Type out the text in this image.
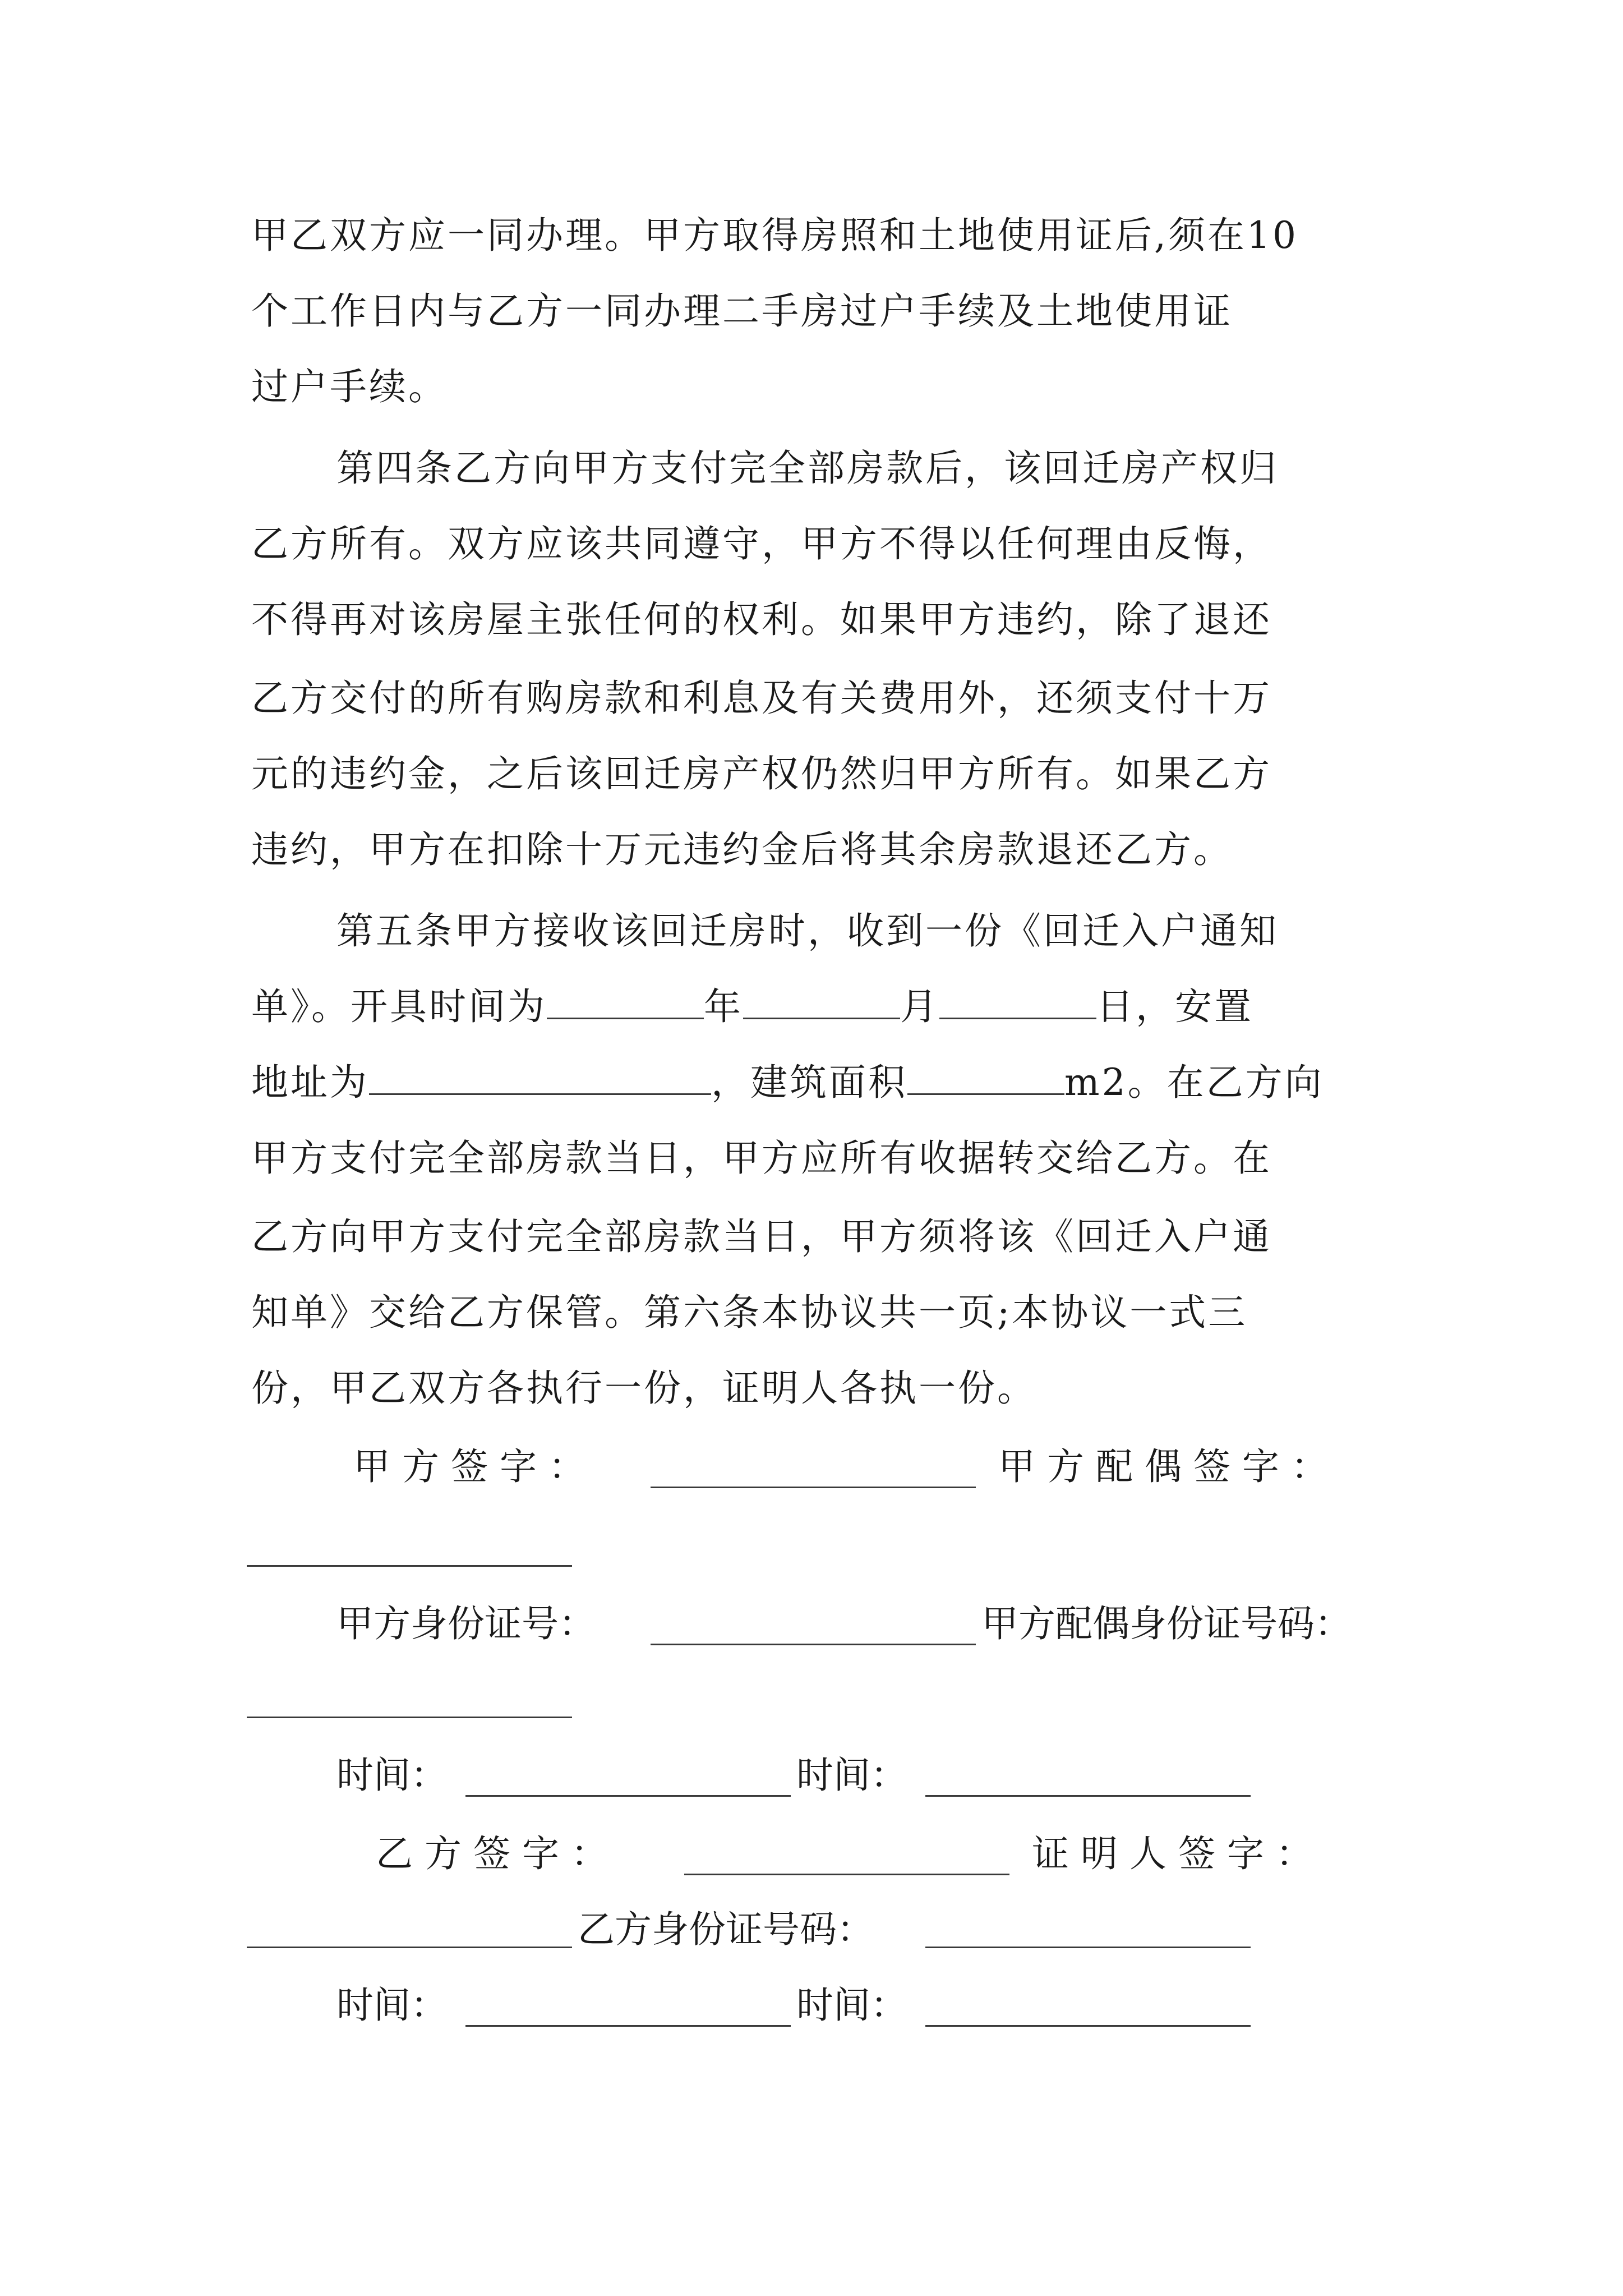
甲乙双方应一同办理。甲方取得房照和土地使用证后,须在10
个工作日内与乙方一同办理二手房过户手续及土地使用证
过户手续。
第四条乙方向甲方支付完全部房款后，该回迁房产权归
乙方所有。双方应该共同遵守，甲方不得以任何理由反悔，
不得再对该房屋主张任何的权利。如果甲方违约，除了退还
乙方交付的所有购房款和利息及有关费用外，还须支付十万
元的违约金，之后该回迁房产权仍然归甲方所有。如果乙方
违约，甲方在扣除十万元违约金后将其余房款退还乙方。
第五条甲方接收该回迁房时，收到一份《回迁入户通知
单》。开具时间为	年	月	日，安置
地址为	，建筑面积	m2。在乙方向
甲方支付完全部房款当日，甲方应所有收据转交给乙方。在
乙方向甲方支付完全部房款当日，甲方须将该《回迁入户通
知单》交给乙方保管。第六条本协议共一页;本协议一式三
份，甲乙双方各执行一份，证明人各执一份。
甲 方 签 字 ：	甲 方 配 偶 签 字 ：
甲方身份证号：	甲方配偶身份证号码：
时间：	时间：
乙 方 签 字 ：	证 明 人 签 字 ：
乙方身份证号码：
时间：	时间：
